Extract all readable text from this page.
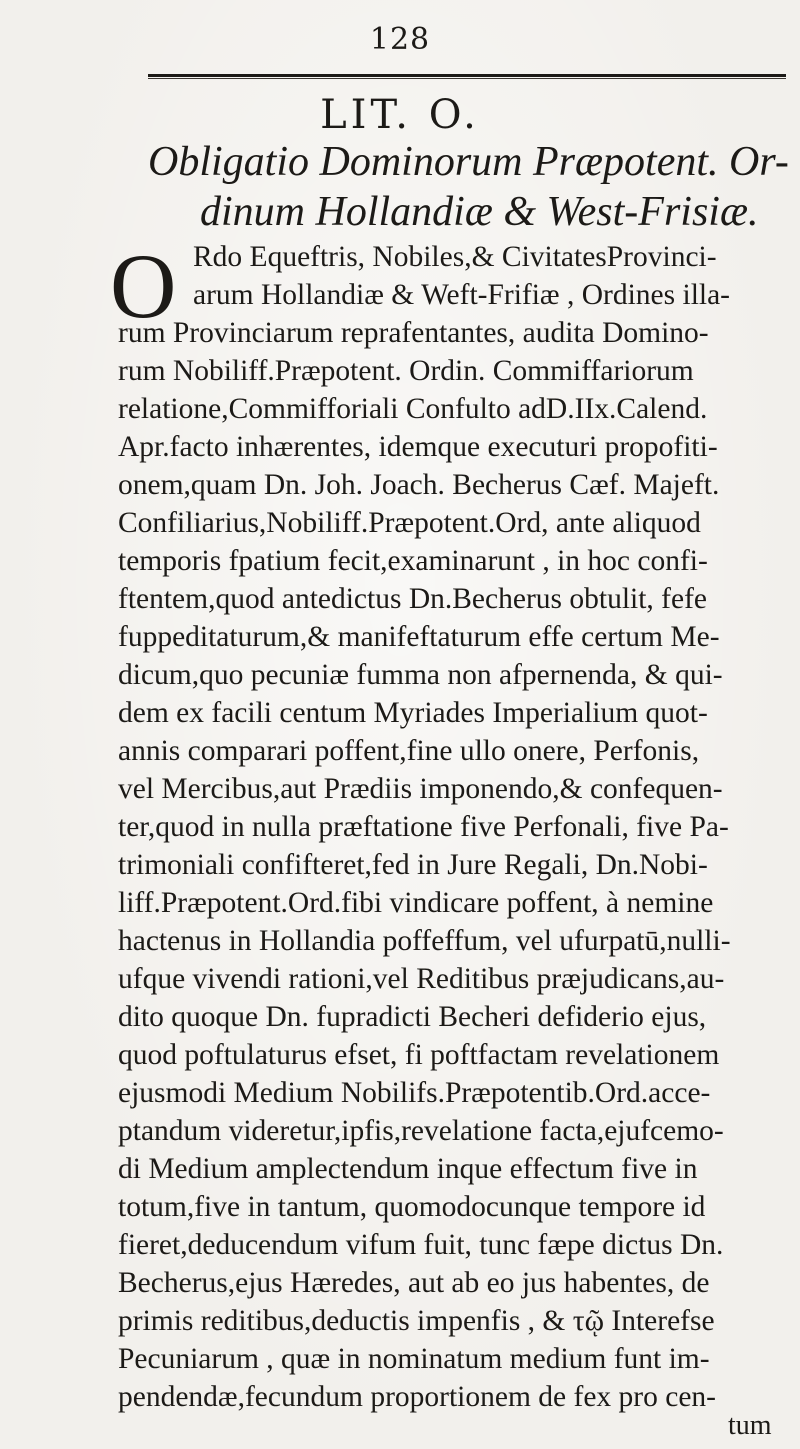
128
LIT. O.
Obligatio Dominorum Præpotent. Or-
dinum Hollandiæ & West-Frisiæ.
O Rdo Equeftris, Nobiles,& CivitatesProvinci-
arum Hollandiæ & Weft-Frifiæ , Ordines illa-
rum Provinciarum reprafentantes, audita Domino-
rum Nobiliff.Præpotent. Ordin. Commiffariorum
relatione,Commifforiali Confulto adD.IIx.Calend.
Apr.facto inhærentes, idemque executuri propofiti-
onem,quam Dn. Joh. Joach. Becherus Cæf. Majeft.
Confiliarius,Nobiliff.Præpotent.Ord, ante aliquod
temporis fpatium fecit,examinarunt , in hoc confi-
ftentem,quod antedictus Dn.Becherus obtulit, fefe
fuppeditaturum,& manifeftaturum effe certum Me-
dicum,quo pecuniæ fumma non afpernenda, & qui-
dem ex facili centum Myriades Imperialium quot-
annis comparari poffent,fine ullo onere, Perfonis,
vel Mercibus,aut Prædiis imponendo,& confequen-
ter,quod in nulla præftatione five Perfonali, five Pa-
trimoniali confifteret,fed in Jure Regali, Dn.Nobi-
liff.Præpotent.Ord.fibi vindicare poffent, à nemine
hactenus in Hollandia poffeffum, vel ufurpatū,nulli-
ufque vivendi rationi,vel Reditibus præjudicans,au-
dito quoque Dn. fupradicti Becheri defiderio ejus,
quod poftulaturus efset, fi poftfactam revelationem
ejusmodi Medium Nobilifs.Præpotentib.Ord.acce-
ptandum videretur,ipfis,revelatione facta,ejufcemo-
di Medium amplectendum inque effectum five in
totum,five in tantum, quomodocunque tempore id
fieret,deducendum vifum fuit, tunc fæpe dictus Dn.
Becherus,ejus Hæredes, aut ab eo jus habentes, de
primis reditibus,deductis impenfis , & τῷ Interefse
Pecuniarum , quæ in nominatum medium funt im-
pendendæ,fecundum proportionem de fex pro cen-
tum
